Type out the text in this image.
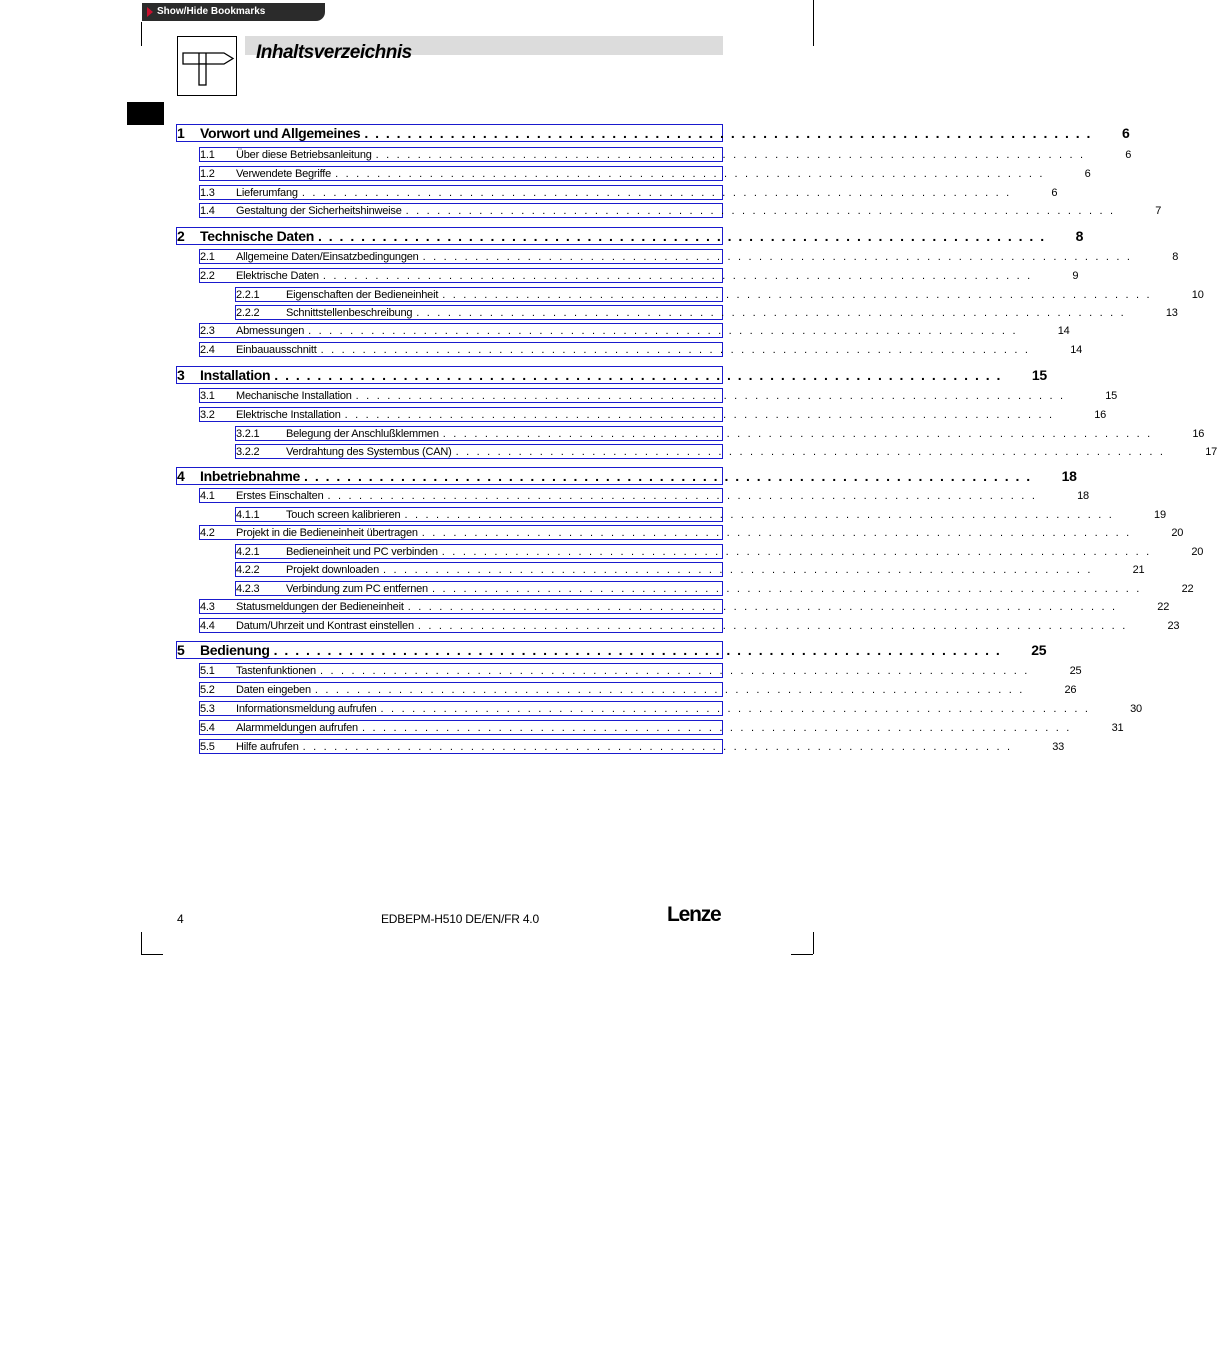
Show/Hide Bookmarks
Inhaltsverzeichnis
1	Vorwort und Allgemeines . . . . . . . . . . . . . . . . . . . . . . . . . . . . . . . . . . . . . . . . . . . . . . . . . . . . . . . . . . . . . . . . . . . .	6
1.1	Über diese Betriebsanleitung . . . . . . . . . . . . . . . . . . . . . . . . . . . . . . . . . . . . . . . . . . . . . . . . . . . . . . . . . . . . . . . . . . . .	6
1.2	Verwendete Begriffe . . . . . . . . . . . . . . . . . . . . . . . . . . . . . . . . . . . . . . . . . . . . . . . . . . . . . . . . . . . . . . . . . . . .	6
1.3	Lieferumfang . . . . . . . . . . . . . . . . . . . . . . . . . . . . . . . . . . . . . . . . . . . . . . . . . . . . . . . . . . . . . . . . . . . .	6
1.4	Gestaltung der Sicherheitshinweise . . . . . . . . . . . . . . . . . . . . . . . . . . . . . . . . . . . . . . . . . . . . . . . . . . . . . . . . . . . . . . . . . . . .	7
2	Technische Daten . . . . . . . . . . . . . . . . . . . . . . . . . . . . . . . . . . . . . . . . . . . . . . . . . . . . . . . . . . . . . . . . . . . .	8
2.1	Allgemeine Daten/Einsatzbedingungen . . . . . . . . . . . . . . . . . . . . . . . . . . . . . . . . . . . . . . . . . . . . . . . . . . . . . . . . . . . . . . . . . . . .	8
2.2	Elektrische Daten . . . . . . . . . . . . . . . . . . . . . . . . . . . . . . . . . . . . . . . . . . . . . . . . . . . . . . . . . . . . . . . . . . . .	9
2.2.1	Eigenschaften der Bedieneinheit . . . . . . . . . . . . . . . . . . . . . . . . . . . . . . . . . . . . . . . . . . . . . . . . . . . . . . . . . . . . . . . . . . . .	10
2.2.2	Schnittstellenbeschreibung . . . . . . . . . . . . . . . . . . . . . . . . . . . . . . . . . . . . . . . . . . . . . . . . . . . . . . . . . . . . . . . . . . . .	13
2.3	Abmessungen . . . . . . . . . . . . . . . . . . . . . . . . . . . . . . . . . . . . . . . . . . . . . . . . . . . . . . . . . . . . . . . . . . . .	14
2.4	Einbauausschnitt . . . . . . . . . . . . . . . . . . . . . . . . . . . . . . . . . . . . . . . . . . . . . . . . . . . . . . . . . . . . . . . . . . . .	14
3	Installation . . . . . . . . . . . . . . . . . . . . . . . . . . . . . . . . . . . . . . . . . . . . . . . . . . . . . . . . . . . . . . . . . . . .	15
3.1	Mechanische Installation . . . . . . . . . . . . . . . . . . . . . . . . . . . . . . . . . . . . . . . . . . . . . . . . . . . . . . . . . . . . . . . . . . . .	15
3.2	Elektrische Installation . . . . . . . . . . . . . . . . . . . . . . . . . . . . . . . . . . . . . . . . . . . . . . . . . . . . . . . . . . . . . . . . . . . .	16
3.2.1	Belegung der Anschlußklemmen . . . . . . . . . . . . . . . . . . . . . . . . . . . . . . . . . . . . . . . . . . . . . . . . . . . . . . . . . . . . . . . . . . . .	16
3.2.2	Verdrahtung des Systembus (CAN) . . . . . . . . . . . . . . . . . . . . . . . . . . . . . . . . . . . . . . . . . . . . . . . . . . . . . . . . . . . . . . . . . . . .	17
4	Inbetriebnahme . . . . . . . . . . . . . . . . . . . . . . . . . . . . . . . . . . . . . . . . . . . . . . . . . . . . . . . . . . . . . . . . . . . .	18
4.1	Erstes Einschalten . . . . . . . . . . . . . . . . . . . . . . . . . . . . . . . . . . . . . . . . . . . . . . . . . . . . . . . . . . . . . . . . . . . .	18
4.1.1	Touch screen kalibrieren . . . . . . . . . . . . . . . . . . . . . . . . . . . . . . . . . . . . . . . . . . . . . . . . . . . . . . . . . . . . . . . . . . . .	19
4.2	Projekt in die Bedieneinheit übertragen . . . . . . . . . . . . . . . . . . . . . . . . . . . . . . . . . . . . . . . . . . . . . . . . . . . . . . . . . . . . . . . . . . . .	20
4.2.1	Bedieneinheit und PC verbinden . . . . . . . . . . . . . . . . . . . . . . . . . . . . . . . . . . . . . . . . . . . . . . . . . . . . . . . . . . . . . . . . . . . .	20
4.2.2	Projekt downloaden . . . . . . . . . . . . . . . . . . . . . . . . . . . . . . . . . . . . . . . . . . . . . . . . . . . . . . . . . . . . . . . . . . . .	21
4.2.3	Verbindung zum PC entfernen . . . . . . . . . . . . . . . . . . . . . . . . . . . . . . . . . . . . . . . . . . . . . . . . . . . . . . . . . . . . . . . . . . . .	22
4.3	Statusmeldungen der Bedieneinheit . . . . . . . . . . . . . . . . . . . . . . . . . . . . . . . . . . . . . . . . . . . . . . . . . . . . . . . . . . . . . . . . . . . .	22
4.4	Datum/Uhrzeit und Kontrast einstellen . . . . . . . . . . . . . . . . . . . . . . . . . . . . . . . . . . . . . . . . . . . . . . . . . . . . . . . . . . . . . . . . . . . .	23
5	Bedienung . . . . . . . . . . . . . . . . . . . . . . . . . . . . . . . . . . . . . . . . . . . . . . . . . . . . . . . . . . . . . . . . . . . .	25
5.1	Tastenfunktionen . . . . . . . . . . . . . . . . . . . . . . . . . . . . . . . . . . . . . . . . . . . . . . . . . . . . . . . . . . . . . . . . . . . .	25
5.2	Daten eingeben . . . . . . . . . . . . . . . . . . . . . . . . . . . . . . . . . . . . . . . . . . . . . . . . . . . . . . . . . . . . . . . . . . . .	26
5.3	Informationsmeldung aufrufen . . . . . . . . . . . . . . . . . . . . . . . . . . . . . . . . . . . . . . . . . . . . . . . . . . . . . . . . . . . . . . . . . . . .	30
5.4	Alarmmeldungen aufrufen . . . . . . . . . . . . . . . . . . . . . . . . . . . . . . . . . . . . . . . . . . . . . . . . . . . . . . . . . . . . . . . . . . . .	31
5.5	Hilfe aufrufen . . . . . . . . . . . . . . . . . . . . . . . . . . . . . . . . . . . . . . . . . . . . . . . . . . . . . . . . . . . . . . . . . . . .	33
4	EDBEPM-H510 DE/EN/FR 4.0	Lenze
